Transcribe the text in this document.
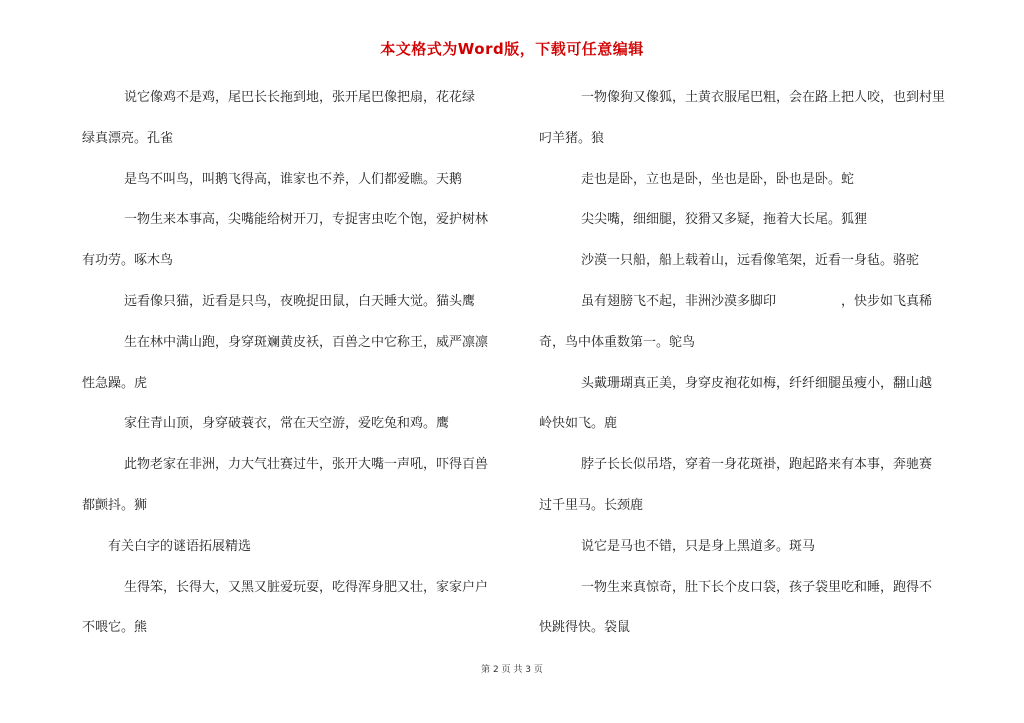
本文格式为Word版，下载可任意编辑
说它像鸡不是鸡，尾巴长长拖到地，张开尾巴像把扇，花花绿
绿真漂亮。孔雀
是鸟不叫鸟，叫鹅飞得高，谁家也不养，人们都爱瞧。天鹅
一物生来本事高，尖嘴能给树开刀，专捉害虫吃个饱，爱护树林
有功劳。啄木鸟
远看像只猫，近看是只鸟，夜晚捉田鼠，白天睡大觉。猫头鹰
生在林中满山跑，身穿斑斓黄皮袄，百兽之中它称王，威严凛凛
性急躁。虎
家住青山顶，身穿破蓑衣，常在天空游，爱吃兔和鸡。鹰
此物老家在非洲，力大气壮赛过牛，张开大嘴一声吼，吓得百兽
都颤抖。狮
有关白字的谜语拓展精选
生得笨，长得大，又黑又脏爱玩耍，吃得浑身肥又壮，家家户户
不喂它。熊
一物像狗又像狐，土黄衣服尾巴粗，会在路上把人咬，也到村里
叼羊猪。狼
走也是卧，立也是卧，坐也是卧，卧也是卧。蛇
尖尖嘴，细细腿，狡猾又多疑，拖着大长尾。狐狸
沙漠一只船，船上载着山，远看像笔架，近看一身毡。骆驼
虽有翅膀飞不起，非洲沙漠多脚印　　　　　，快步如飞真稀
奇，鸟中体重数第一。鸵鸟
头戴珊瑚真正美，身穿皮袍花如梅，纤纤细腿虽瘦小，翻山越
岭快如飞。鹿
脖子长长似吊塔，穿着一身花斑褂，跑起路来有本事，奔驰赛
过千里马。长颈鹿
说它是马也不错，只是身上黑道多。斑马
一物生来真惊奇，肚下长个皮口袋，孩子袋里吃和睡，跑得不
快跳得快。袋鼠
第 2 页 共 3 页
